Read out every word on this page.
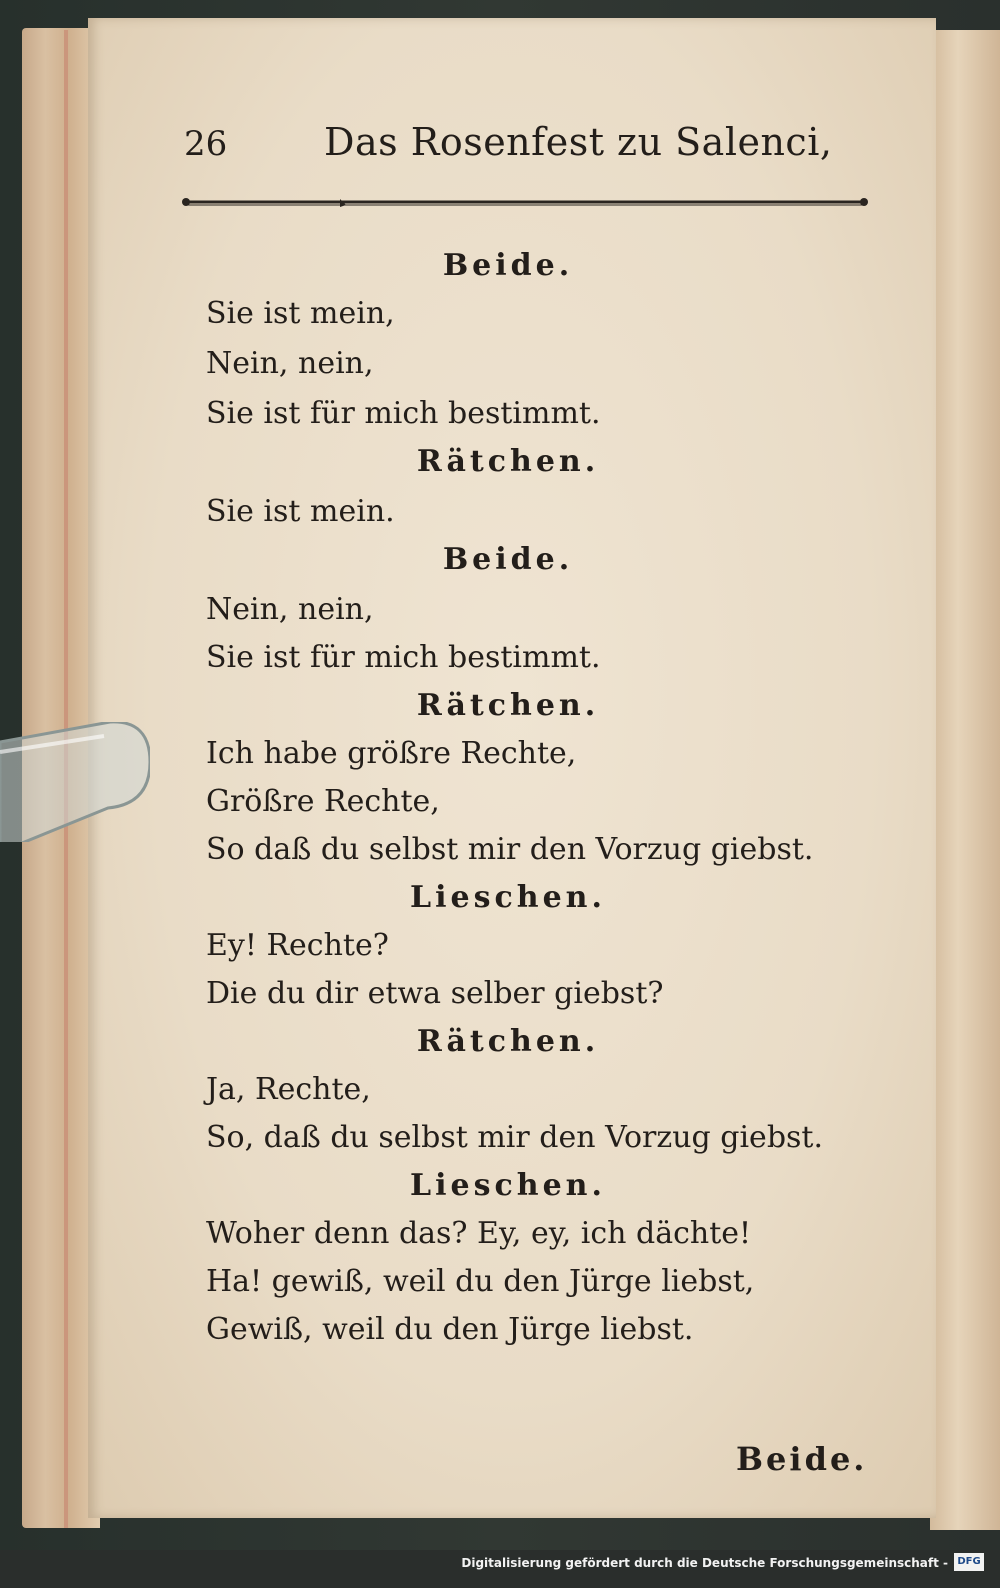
26	Das Rosenfest zu Salenci,
Beide.
Sie ist mein,
Nein, nein,
Sie ist für mich bestimmt.
Rätchen.
Sie ist mein.
Beide.
Nein, nein,
Sie ist für mich bestimmt.
Rätchen.
Ich habe größre Rechte,
Größre Rechte,
So daß du selbst mir den Vorzug giebst.
Lieschen.
Ey! Rechte?
Die du dir etwa selber giebst?
Rätchen.
Ja, Rechte,
So, daß du selbst mir den Vorzug giebst.
Lieschen.
Woher denn das? Ey, ey, ich dächte!
Ha! gewiß, weil du den Jürge liebst,
Gewiß, weil du den Jürge liebst.
Beide.
Digitalisierung gefördert durch die Deutsche Forschungsgemeinschaft - DFG
